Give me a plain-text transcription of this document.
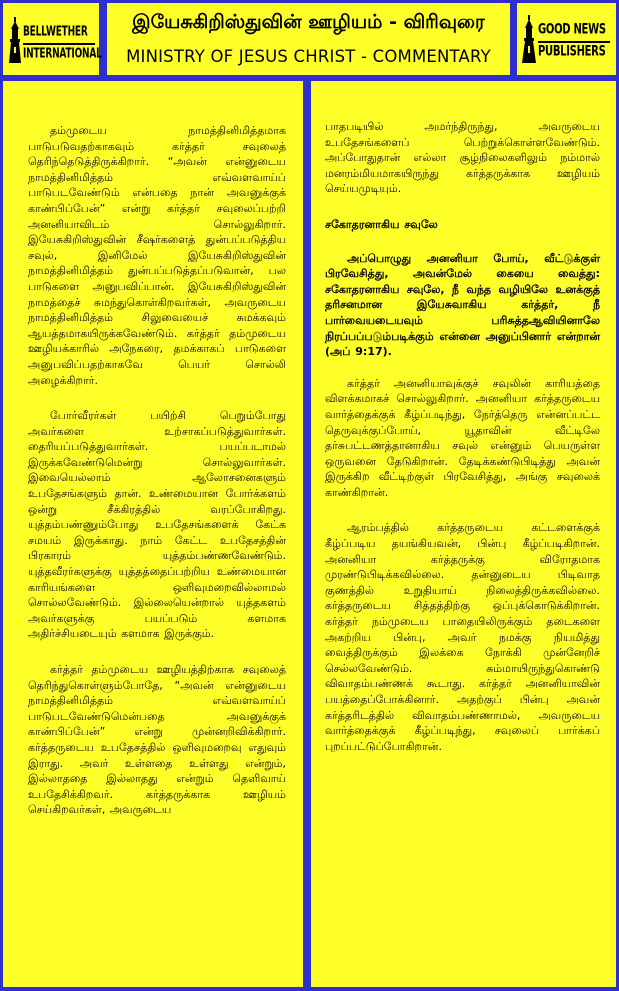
BELLWETHER
INTERNATIONAL
இயேசுகிறிஸ்துவின் ஊழியம் - விரிவுரை
MINISTRY OF JESUS CHRIST - COMMENTARY
GOOD NEWS
PUBLISHERS

தம்முடைய நாமத்தினிமித்தமாக பாடுபடுவதற்காகவும் கர்த்தர் சவுலைத் தெரிந்தெடுத்திருக்கிறார். “அவன் என்னுடைய நாமத்தினிமித்தம் எவ்வளவாய்ப் பாடுபடவேண்டும் என்பதை நான் அவனுக்குக் காண்பிப்பேன்” என்று கர்த்தர் சவுலைப்பற்றி அனனியாவிடம் சொல்லுகிறார். இயேசுகிறிஸ்துவின் சீஷர்களைத் துன்பப்படுத்திய சவுல், இனிமேல் இயேசுகிறிஸ்துவின் நாமத்தினிமித்தம் துன்பப்படுத்தப்படுவான், பல பாடுகளை அனுபவிப்பான். இயேசுகிறிஸ்துவின் நாமத்தைச் சுமந்துகொள்கிறவர்கள், அவருடைய நாமத்தினிமித்தம் சிலுவையைச் சுமக்கவும் ஆயத்தமாகயிருக்கவேண்டும். கர்த்தர் தம்முடைய ஊழியக்காரில் அநேகரை, தமக்காகப் பாடுகளை அனுபவிப்பதற்காகவே பெயர் சொல்லி அழைக்கிறார்.

போர்வீரர்கள் பயிற்சி பெறும்போது அவர்களை உற்சாகப்படுத்துவார்கள். தைரியப்படுத்துவார்கள். பயப்படாமல் இருக்கவேண்டுமென்று சொல்லுவார்கள். இவையெல்லாம் ஆலோசனைகளும் உபதேசங்களும் தான். உண்மையான போர்க்களம் ஒன்று சீக்கிரத்தில் வரப்போகிறது. யுத்தம்பண்ணும்போது உபதேசங்களைக் கேட்க சமயம் இருக்காது. நாம் கேட்ட உபதேசத்தின் பிரகாரம் யுத்தம்பண்ணவேண்டும். யுத்தவீரர்களுக்கு யுத்தத்தைப்பற்றிய உண்மையான காரியங்களை ஒளிவுமறைவில்லாமல் சொல்லவேண்டும். இல்லையென்றால் யுத்தகளம் அவர்களுக்கு பயப்படும் களமாக அதிர்ச்சியடையும் களமாக இருக்கும்.

கர்த்தர் தம்முடைய ஊழியத்திற்காக சவுலைத் தெரிந்துகொள்ளும்போதே, “அவன் என்னுடைய நாமத்தினிமித்தம் எவ்வளவாய்ப் பாடுபடவேண்டுமென்பதை அவனுக்குக் காண்பிப்பேன்” என்று முன்னறிவிக்கிறார். கர்த்தருடைய உபதேசத்தில் ஒளிவுமறைவு எதுவும் இராது. அவர் உள்ளதை உள்ளது என்றும், இல்லாததை இல்லாதது என்றும் தெளிவாய் உபதேசிக்கிறவர். கர்த்தருக்காக ஊழியம் செய்கிறவர்கள், அவருடைய

பாதபடியில் அமர்ந்திருந்து, அவருடைய உபதேசங்களைப் பெற்றுக்கொள்ளவேண்டும். அப்போதுதான் எல்லா சூழ்நிலைகளிலும் நம்மால் மனரம்மியமாகயிருந்து கர்த்தருக்காக ஊழியம் செய்யமுடியும்.

சகோதரனாகிய சவுலே

அப்பொழுது அனனியா போய், வீட்டுக்குள் பிரவேசித்து, அவன்மேல் கையை வைத்து: சகோதரனாகிய சவுலே, நீ வந்த வழியிலே உனக்குத் தரிசனமான இயேசுவாகிய கர்த்தர், நீ பார்வையடையவும் பரிசுத்தஆவியினாலே நிரப்பப்படும்படிக்கும் என்னை அனுப்பினார் என்றான் (அப் 9:17).

கர்த்தர் அனனியாவுக்குச் சவுலின் காரியத்தை விளக்கமாகச் சொல்லுகிறார். அனனியா கர்த்தருடைய வார்த்தைக்குக் கீழ்ப்படிந்து, நேர்த்தெரு என்னப்பட்ட தெருவுக்குப்போய், யூதாவின் வீட்டிலே தர்சுபட்டணத்தானாகிய சவுல் என்னும் பெயருள்ள ஒருவனை தேடுகிறான். தேடிக்கண்டுபிடித்து அவன் இருக்கிற வீட்டிற்குள் பிரவேசித்து, அங்கு சவுலைக் காண்கிறான்.

ஆரம்பத்தில் கர்த்தருடைய கட்டளைக்குக் கீழ்ப்படிய தயங்கியவன், பின்பு கீழ்ப்படிகிறான். அனனியா கர்த்தருக்கு விரோதமாக முரண்டுபிடிக்கவில்லை. தன்னுடைய பிடிவாத குணத்தில் உறுதியாய் நிலைத்திருக்கவில்லை. கர்த்தருடைய சித்தத்திற்கு ஒப்புக்கொடுக்கிறான். கர்த்தர் நம்முடைய பாதையிலிருக்கும் தடைகளை அகற்றிய பின்பு, அவர் நமக்கு நியமித்து வைத்திருக்கும் இலக்கை நோக்கி முன்னேறிச் செல்லவேண்டும். சும்மாயிருந்துகொண்டு விவாதம்பண்ணக் கூடாது. கர்த்தர் அனனியாவின் பயத்தைப்போக்கினார். அதற்குப் பின்பு அவன் கர்த்தரிடத்தில் விவாதம்பண்ணாமல், அவருடைய வார்த்தைக்குக் கீழ்ப்படிந்து, சவுலைப் பார்க்கப் புறப்பட்டுப்போகிறான்.
